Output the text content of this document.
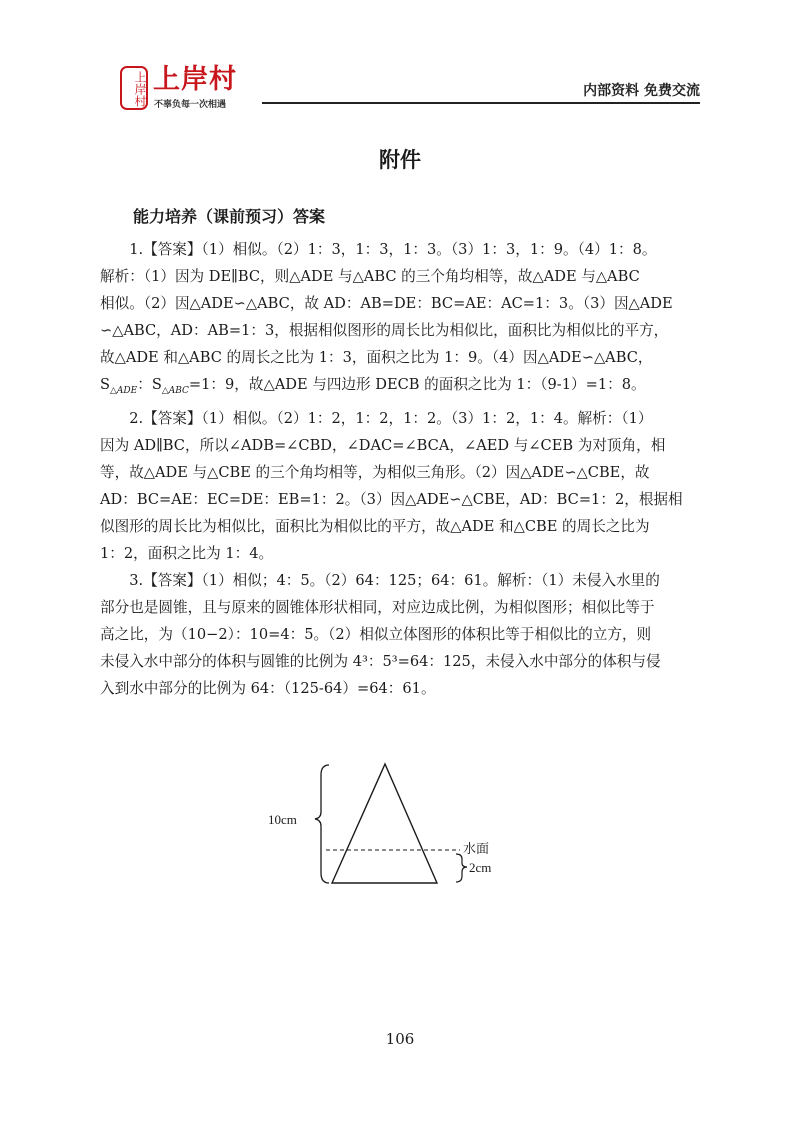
上岸村 上岸村
不辜负每一次相遇
内部资料 免费交流
附件
能力培养（课前预习）答案

1.【答案】（1）相似。（2）1：3，1：3，1：3。（3）1：3，1：9。（4）1：8。
解析：（1）因为 DE∥BC，则△ADE 与△ABC 的三个角均相等，故△ADE 与△ABC
相似。（2）因△ADE∽△ABC，故 AD：AB=DE：BC=AE：AC=1：3。（3）因△ADE
∽△ABC，AD：AB=1：3，根据相似图形的周长比为相似比，面积比为相似比的平方，
故△ADE 和△ABC 的周长之比为 1：3，面积之比为 1：9。（4）因△ADE∽△ABC，
$S_{\triangle ADE}$：$S_{\triangle ABC}=1$：9，故△ADE 与四边形 DECB 的面积之比为 1：（9-1）=1：8。

2.【答案】（1）相似。（2）1：2，1：2，1：2。（3）1：2，1：4。解析：（1）
因为 AD∥BC，所以∠ADB=∠CBD，∠DAC=∠BCA，∠AED 与∠CEB 为对顶角，相
等，故△ADE 与△CBE 的三个角均相等，为相似三角形。（2）因△ADE∽△CBE，故
AD：BC=AE：EC=DE：EB=1：2。（3）因△ADE∽△CBE，AD：BC=1：2，根据相
似图形的周长比为相似比，面积比为相似比的平方，故△ADE 和△CBE 的周长之比为
1：2，面积之比为 1：4。

3.【答案】（1）相似；4：5。（2）64：125；64：61。解析：（1）未侵入水里的
部分也是圆锥，且与原来的圆锥体形状相同，对应边成比例，为相似图形；相似比等于
高之比，为（10−2）：10=4：5。（2）相似立体图形的体积比等于相似比的立方，则
未侵入水中部分的体积与圆锥的比例为 4³：5³=64：125，未侵入水中部分的体积与侵
入到水中部分的比例为 64：（125-64）=64：61。

10cm
水面
2cm
106
